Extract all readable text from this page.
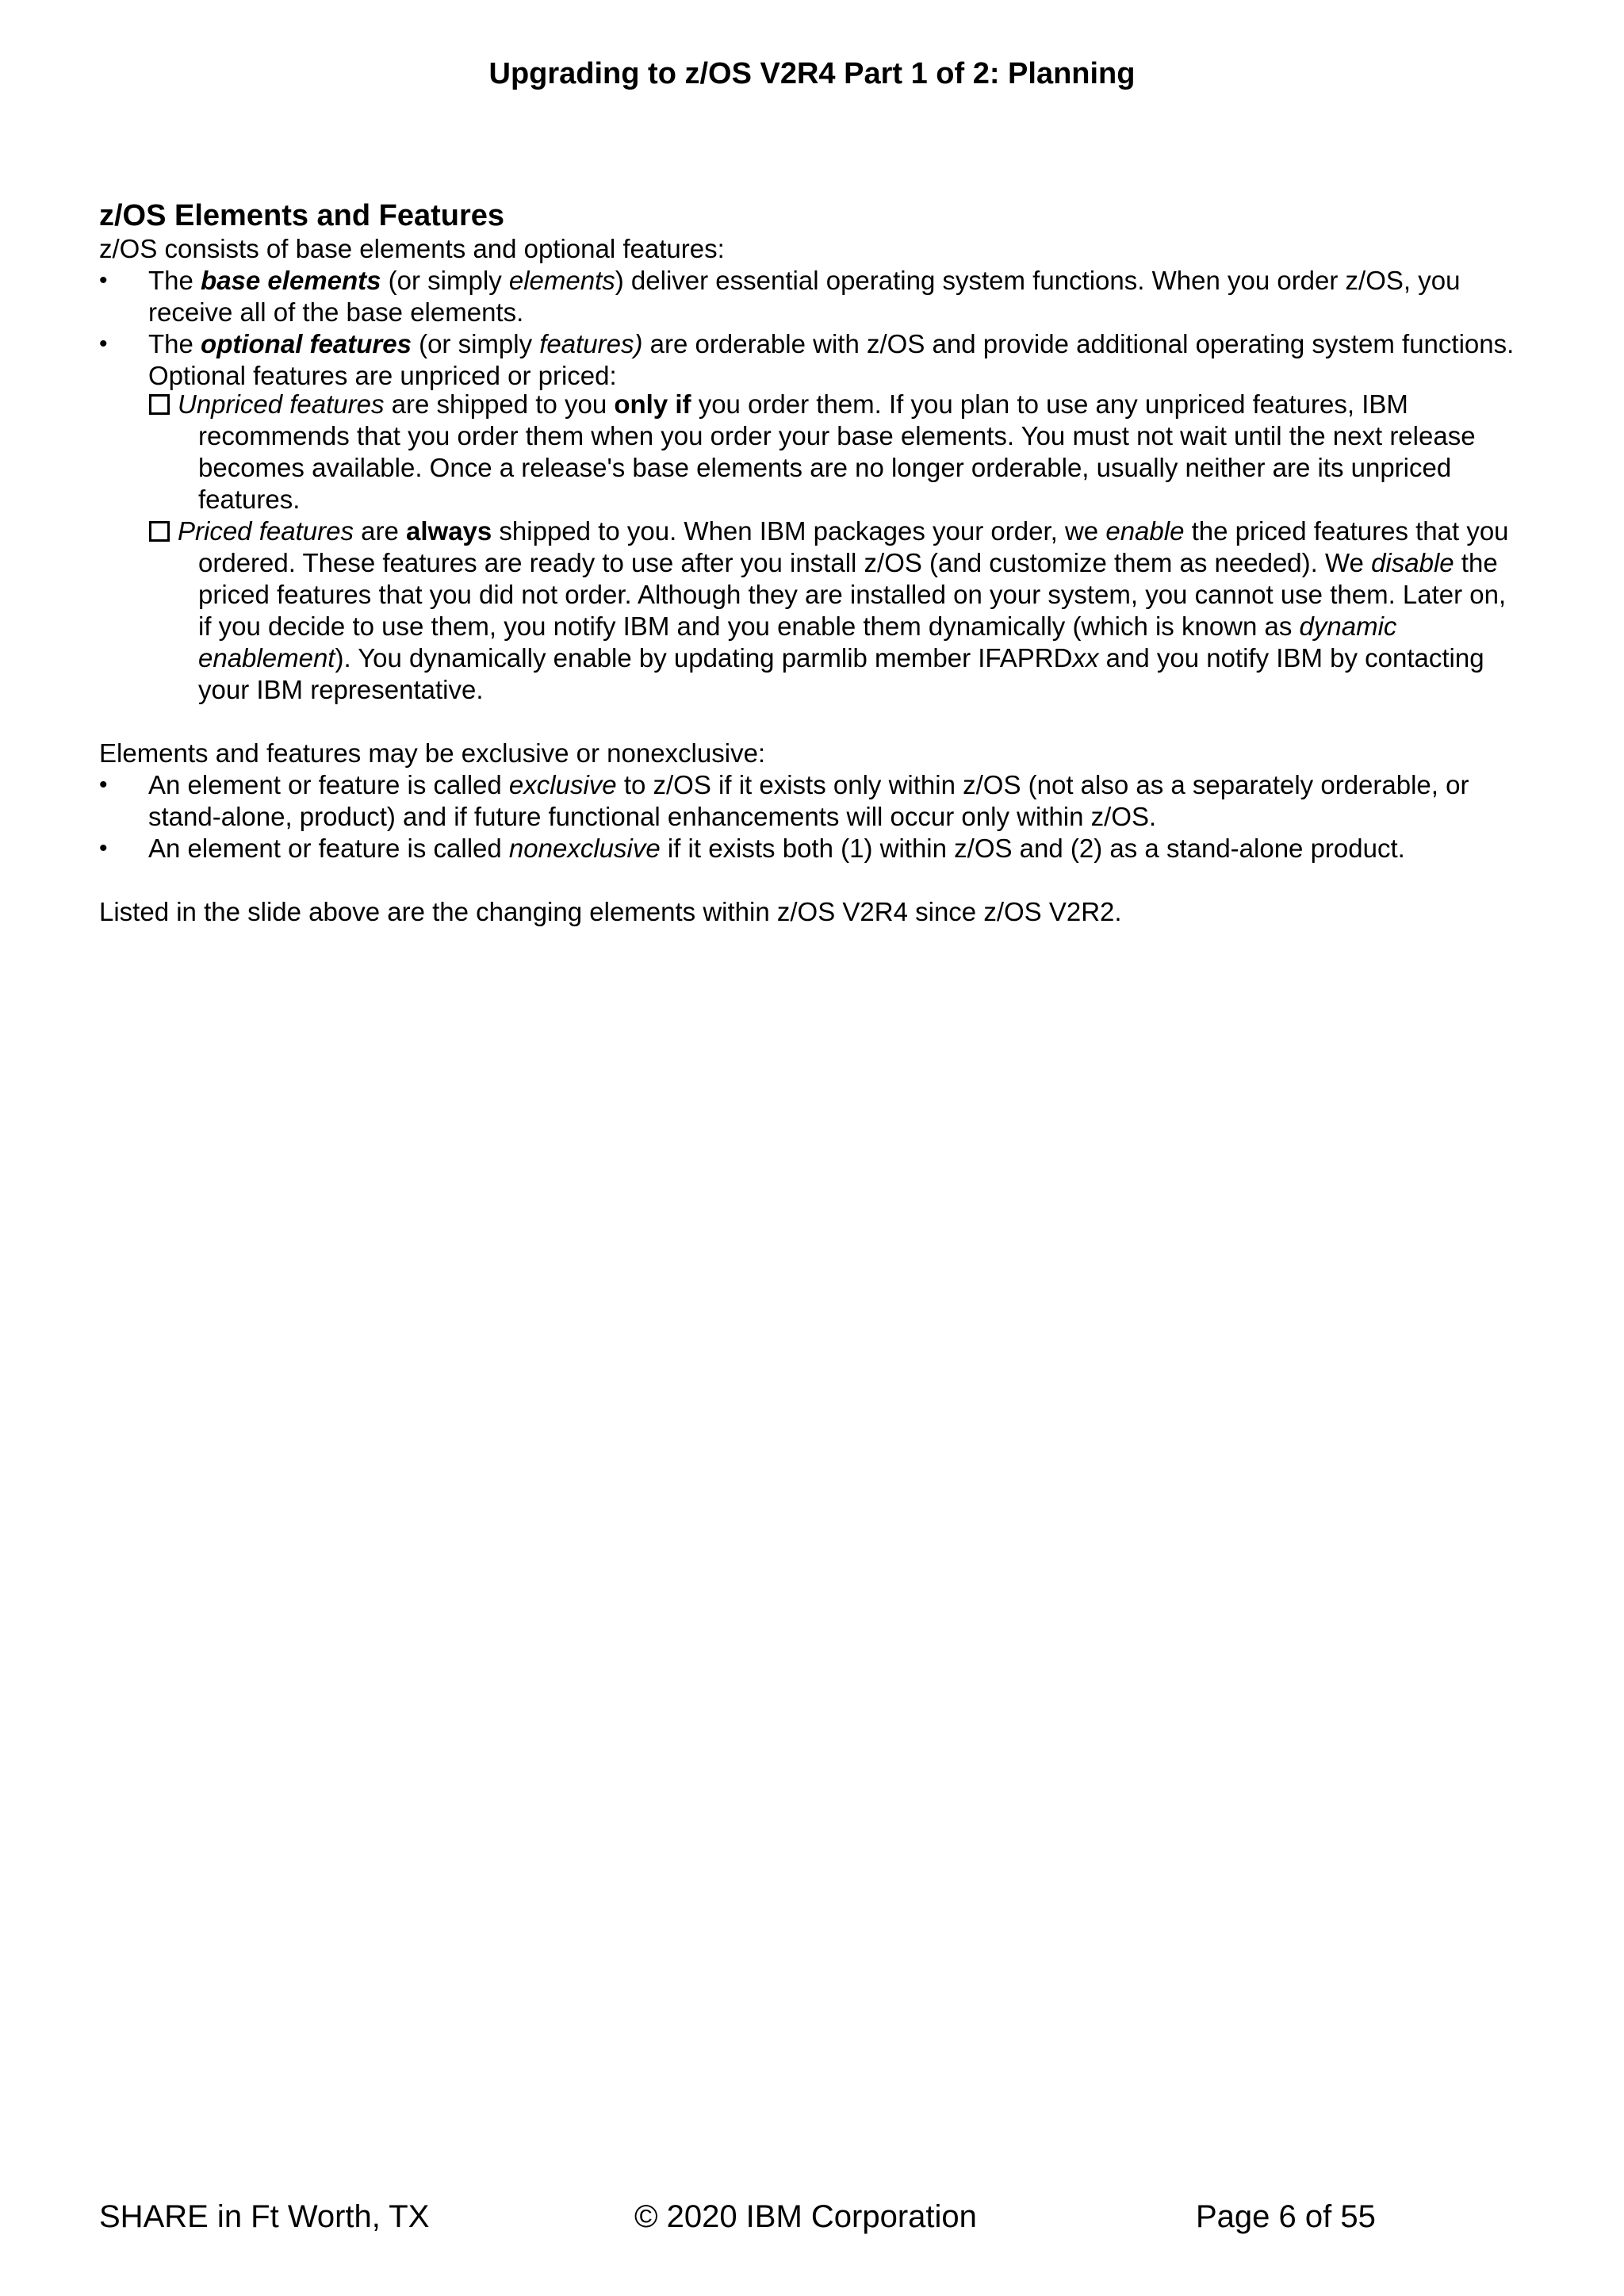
Upgrading to z/OS V2R4 Part 1 of 2: Planning
z/OS Elements and Features

z/OS consists of base elements and optional features:

• The base elements (or simply elements) deliver essential operating system functions. When you order z/OS, you receive all of the base elements.
• The optional features (or simply features) are orderable with z/OS and provide additional operating system functions. Optional features are unpriced or priced:
Unpriced features are shipped to you only if you order them. If you plan to use any unpriced features, IBM recommends that you order them when you order your base elements. You must not wait until the next release becomes available. Once a release's base elements are no longer orderable, usually neither are its unpriced features.
Priced features are always shipped to you. When IBM packages your order, we enable the priced features that you ordered. These features are ready to use after you install z/OS (and customize them as needed). We disable the priced features that you did not order. Although they are installed on your system, you cannot use them. Later on, if you decide to use them, you notify IBM and you enable them dynamically (which is known as dynamic enablement). You dynamically enable by updating parmlib member IFAPRDxx and you notify IBM by contacting your IBM representative.

Elements and features may be exclusive or nonexclusive:

• An element or feature is called exclusive to z/OS if it exists only within z/OS (not also as a separately orderable, or stand-alone, product) and if future functional enhancements will occur only within z/OS.
• An element or feature is called nonexclusive if it exists both (1) within z/OS and (2) as a stand-alone product.

Listed in the slide above are the changing elements within z/OS V2R4 since z/OS V2R2.

SHARE in Ft Worth, TX	© 2020 IBM Corporation	Page 6 of 55
